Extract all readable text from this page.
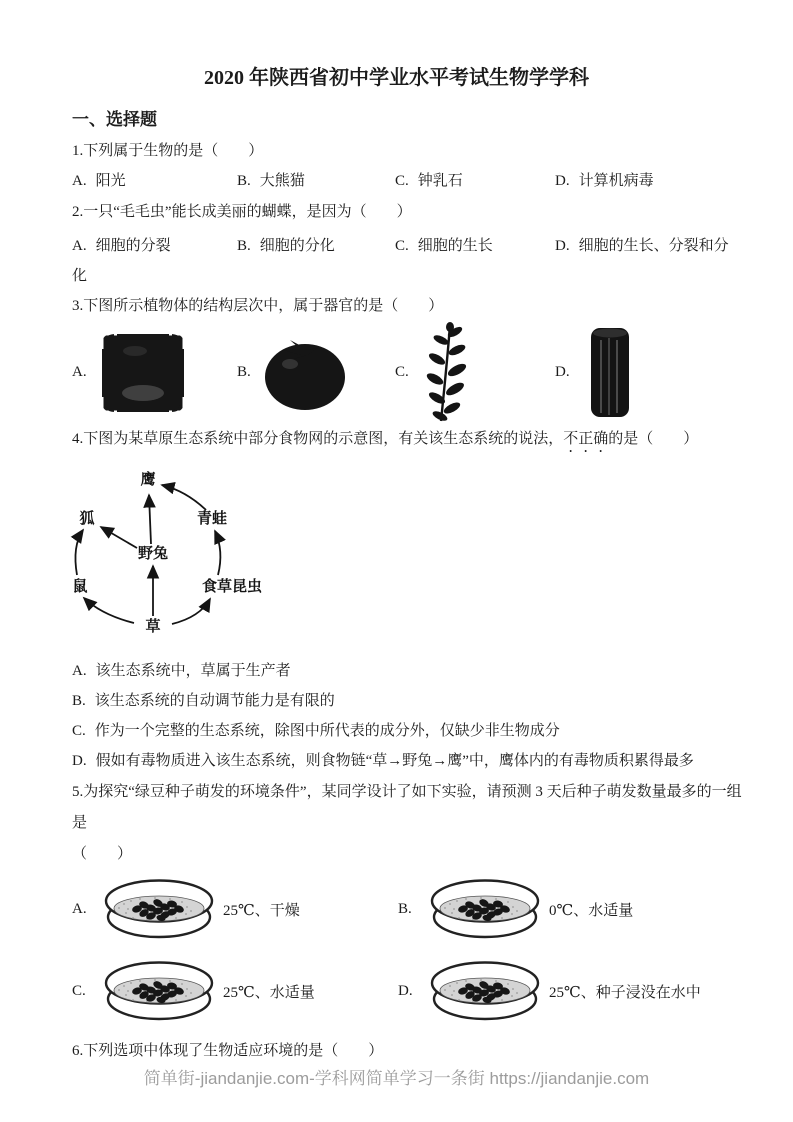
2020 年陕西省初中学业水平考试生物学学科
一、选择题

1.下列属于生物的是（　　）

A. 阳光	B. 大熊猫	C. 钟乳石	D. 计算机病毒

2.一只“毛毛虫”能长成美丽的蝴蝶，是因为（　　）

A. 细胞的分裂	B. 细胞的分化	C. 细胞的生长	D. 细胞的生长、分裂和分化

3.下图所示植物体的结构层次中，属于器官的是（　　）

A.	B.	C.	D.

4.下图为某草原生态系统中部分食物网的示意图，有关该生态系统的说法，不正确的是（　　）

鹰
狐	青蛙
野兔
鼠	食草昆虫
草

A. 该生态系统中，草属于生产者

B. 该生态系统的自动调节能力是有限的

C. 作为一个完整的生态系统，除图中所代表的成分外，仅缺少非生物成分

D. 假如有毒物质进入该生态系统，则食物链“草→野兔→鹰”中，鹰体内的有毒物质积累得最多

5.为探究“绿豆种子萌发的环境条件”，某同学设计了如下实验，请预测 3 天后种子萌发数量最多的一组是
（　　）

A.	25℃、干燥	B.	0℃、水适量
C.	25℃、水适量	D.	25℃、种子浸没在水中

6.下列选项中体现了生物适应环境的是（　　）

简单街-jiandanjie.com-学科网简单学习一条街 https://jiandanjie.com
